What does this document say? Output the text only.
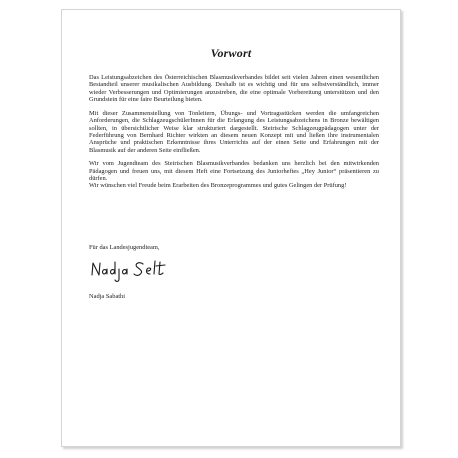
Vorwort

Das Leistungsabzeichen des Österreichischen Blasmusikverbandes bildet seit vielen Jahren einen wesentlichen Bestandteil unserer musikalischen Ausbildung. Deshalb ist es wichtig und für uns selbstverständlich, immer wieder Verbesserungen und Optimierungen anzustreben, die eine optimale Vorbereitung unterstützen und den Grundstein für eine faire Beurteilung bieten.

Mit dieser Zusammenstellung von Tonleitern, Übungs- und Vortragsstücken werden die umfangreichen Anforderungen, die SchlagzeugschülerInnen für die Erlangung des Leistungsabzeichens in Bronze bewältigen sollten, in übersichtlicher Weise klar strukturiert dargestellt. Steirische Schlagzeugpädagogen unter der Federführung von Bernhard Richter wirkten an diesem neuen Konzept mit und ließen ihre instrumentalen Ansprüche und praktischen Erkenntnisse ihres Unterrichts auf der einen Seite und Erfahrungen mit der Blasmusik auf der anderen Seite einfließen.

Wir vom Jugendteam des Steirischen Blasmusikverbandes bedanken uns herzlich bei den mitwirkenden Pädagogen und freuen uns, mit diesem Heft eine Fortsetzung des Juniorheftes „Hey Junior“ präsentieren zu dürfen.
Wir wünschen viel Freude beim Erarbeiten des Bronzeprogrammes und gutes Gelingen der Prüfung!

Für das Landesjugendteam,
Nadja Sabathi
